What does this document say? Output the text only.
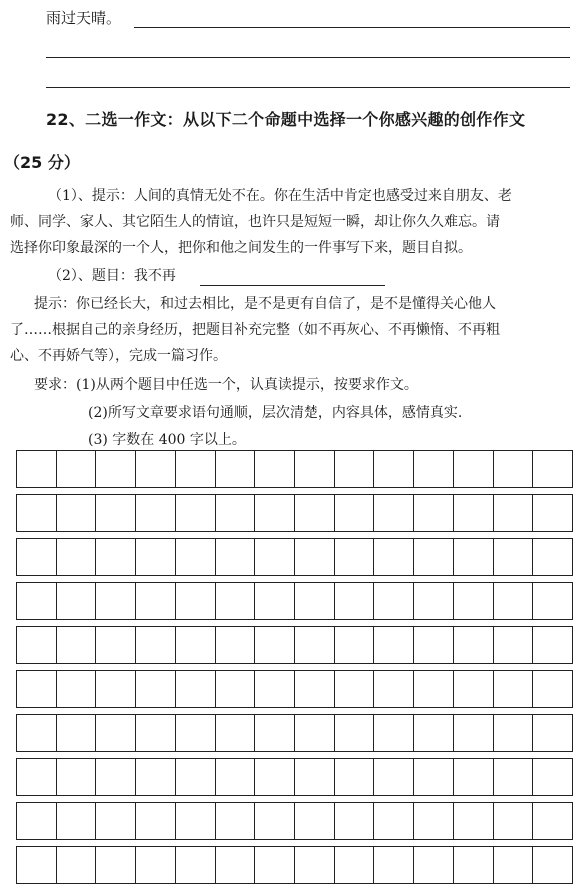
雨过天晴。
22、二选一作文：从以下二个命题中选择一个你感兴趣的创作作文
（25 分）
（1）、提示：人间的真情无处不在。你在生活中肯定也感受过来自朋友、老
师、同学、家人、其它陌生人的情谊，也许只是短短一瞬，却让你久久难忘。请
选择你印象最深的一个人，把你和他之间发生的一件事写下来，题目自拟。
（2）、题目：我不再
提示：你已经长大，和过去相比，是不是更有自信了，是不是懂得关心他人
了……根据自己的亲身经历，把题目补充完整（如不再灰心、不再懒惰、不再粗
心、不再娇气等），完成一篇习作。
要求：(1)从两个题目中任选一个，认真读提示，按要求作文。
(2)所写文章要求语句通顺，层次清楚，内容具体，感情真实.
(3) 字数在 400 字以上。
